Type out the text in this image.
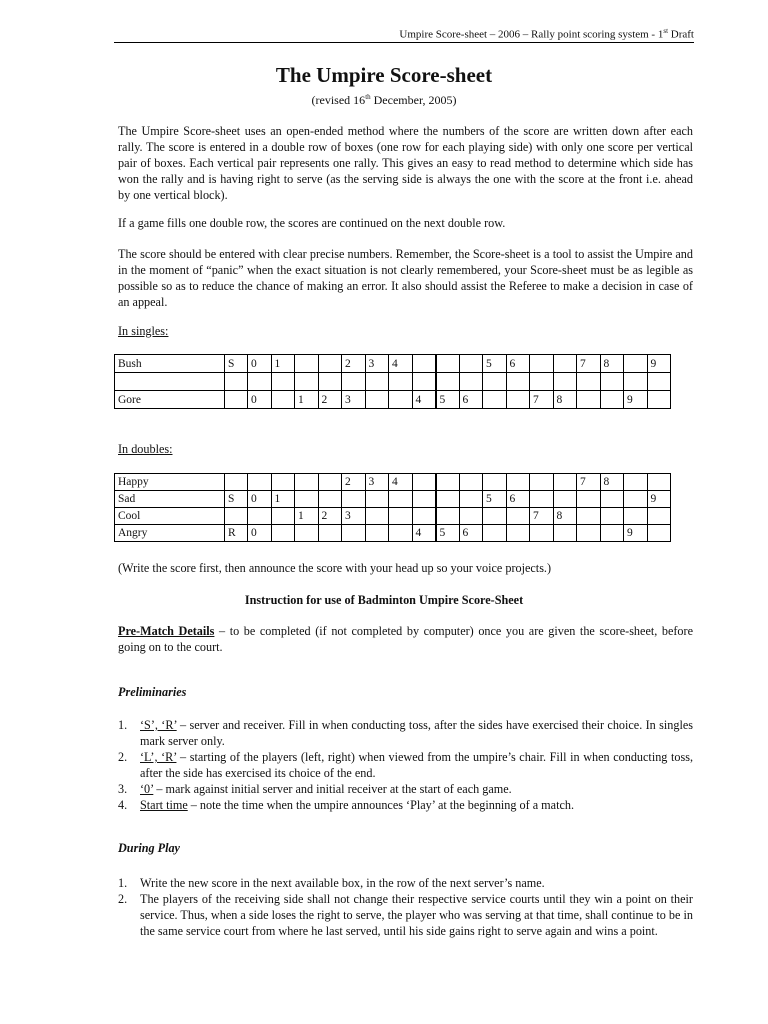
Umpire Score-sheet – 2006 – Rally point scoring system - 1st Draft
The Umpire Score-sheet
(revised 16th December, 2005)

The Umpire Score-sheet uses an open-ended method where the numbers of the score are written down after each rally. The score is entered in a double row of boxes (one row for each playing side) with only one score per vertical pair of boxes. Each vertical pair represents one rally. This gives an easy to read method to determine which side has won the rally and is having right to serve (as the serving side is always the one with the score at the front i.e. ahead by one vertical block).

If a game fills one double row, the scores are continued on the next double row.

The score should be entered with clear precise numbers. Remember, the Score-sheet is a tool to assist the Umpire and in the moment of “panic” when the exact situation is not clearly remembered, your Score-sheet must be as legible as possible so as to reduce the chance of making an error. It also should assist the Referee to make a decision in case of an appeal.

In singles:

Bush	S	0	1			2	3	4				5	6			7	8		9

Gore		0		1	2	3			4	5	6			7	8			9	

In doubles:

Happy						2	3	4								7	8		
Sad	S	0	1									5	6						9
Cool				1	2	3								7	8				
Angry	R	0							4	5	6							9	

(Write the score first, then announce the score with your head up so your voice projects.)

Instruction for use of Badminton Umpire Score-Sheet

Pre-Match Details – to be completed (if not completed by computer) once you are given the score-sheet, before going on to the court.

Preliminaries

1. ‘S’, ‘R’ – server and receiver. Fill in when conducting toss, after the sides have exercised their choice. In singles mark server only.
2. ‘L’, ‘R’ – starting of the players (left, right) when viewed from the umpire’s chair. Fill in when conducting toss, after the side has exercised its choice of the end.
3. ‘0’ – mark against initial server and initial receiver at the start of each game.
4. Start time – note the time when the umpire announces ‘Play’ at the beginning of a match.

During Play

1. Write the new score in the next available box, in the row of the next server’s name.
2. The players of the receiving side shall not change their respective service courts until they win a point on their service. Thus, when a side loses the right to serve, the player who was serving at that time, shall continue to be in the same service court from where he last served, until his side gains right to serve again and wins a point.
